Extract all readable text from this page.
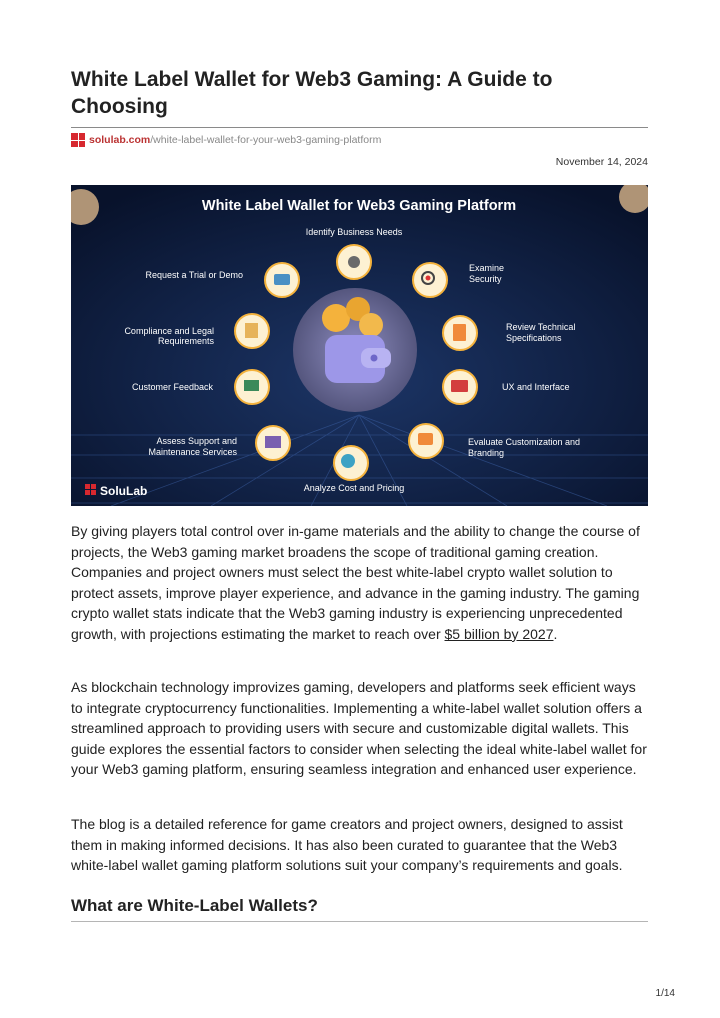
White Label Wallet for Web3 Gaming: A Guide to Choosing
solulab.com /white-label-wallet-for-your-web3-gaming-platform
November 14, 2024
White Label Wallet for Web3 Gaming Platform
Identify Business Needs
Request a Trial or Demo
Examine
Security
Compliance and Legal
Requirements
Review Technical
Specifications
Customer Feedback	UX and Interface
Assess Support and
Maintenance Services
Evaluate Customization and
Branding
Analyze Cost and Pricing
SoluLab

By giving players total control over in-game materials and the ability to change the course of projects, the Web3 gaming market broadens the scope of traditional gaming creation. Companies and project owners must select the best white-label crypto wallet solution to protect assets, improve player experience, and advance in the gaming industry. The gaming crypto wallet stats indicate that the Web3 gaming industry is experiencing unprecedented growth, with projections estimating the market to reach over $5 billion by 2027.

As blockchain technology improvizes gaming, developers and platforms seek efficient ways to integrate cryptocurrency functionalities. Implementing a white-label wallet solution offers a streamlined approach to providing users with secure and customizable digital wallets. This guide explores the essential factors to consider when selecting the ideal white-label wallet for your Web3 gaming platform, ensuring seamless integration and enhanced user experience.

The blog is a detailed reference for game creators and project owners, designed to assist them in making informed decisions. It has also been curated to guarantee that the Web3 white-label wallet gaming platform solutions suit your company’s requirements and goals.

What are White-Label Wallets?
1/14
